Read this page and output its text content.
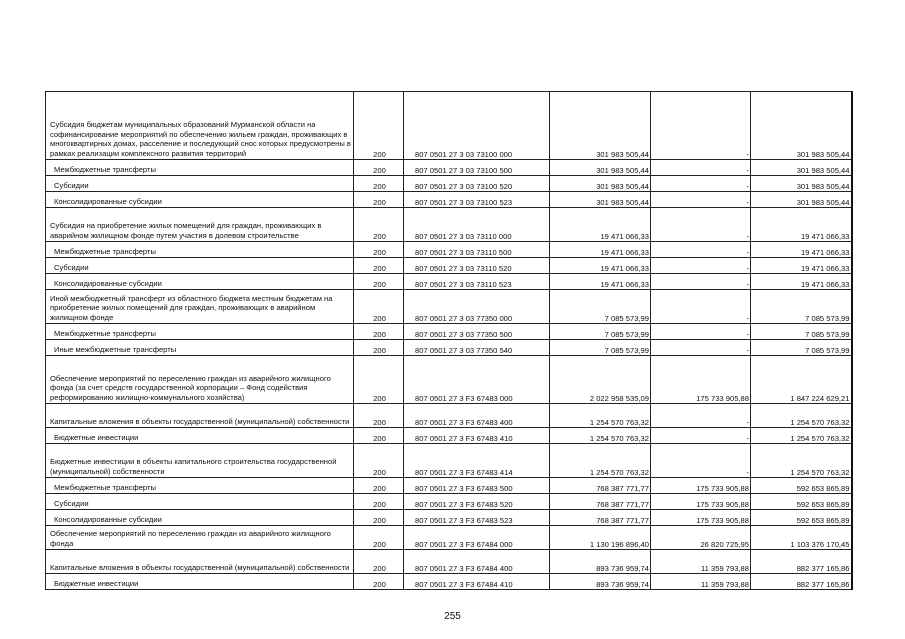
Субсидия бюджетам муниципальных образований Мурманской области на софинансирование мероприятий по обеспечению жильем граждан, проживающих в многоквартирных домах, расселение и последующий снос которых предусмотрены в рамках реализации комплексного развития территорий	200	807 0501 27 3 03 73100 000	301 983 505,44	-	301 983 505,44
Межбюджетные трансферты	200	807 0501 27 3 03 73100 500	301 983 505,44	-	301 983 505,44
Субсидии	200	807 0501 27 3 03 73100 520	301 983 505,44	-	301 983 505,44
Консолидированные субсидии	200	807 0501 27 3 03 73100 523	301 983 505,44	-	301 983 505,44
Субсидия на приобретение жилых помещений для граждан, проживающих в аварийном жилищном фонде путем участия в долевом строительстве	200	807 0501 27 3 03 73110 000	19 471 066,33	-	19 471 066,33
Межбюджетные трансферты	200	807 0501 27 3 03 73110 500	19 471 066,33	-	19 471 066,33
Субсидии	200	807 0501 27 3 03 73110 520	19 471 066,33	-	19 471 066,33
Консолидированные субсидии	200	807 0501 27 3 03 73110 523	19 471 066,33	-	19 471 066,33
Иной межбюджетный трансферт из областного бюджета местным бюджетам на приобретение жилых помещений для граждан, проживающих в аварийном жилищном фонде	200	807 0501 27 3 03 77350 000	7 085 573,99	-	7 085 573,99
Межбюджетные трансферты	200	807 0501 27 3 03 77350 500	7 085 573,99	-	7 085 573,99
Иные межбюджетные трансферты	200	807 0501 27 3 03 77350 540	7 085 573,99	-	7 085 573,99
Обеспечение мероприятий по переселению граждан из аварийного жилищного фонда (за счет средств государственной корпорации – Фонд содействия реформированию жилищно-коммунального хозяйства)	200	807 0501 27 3 F3 67483 000	2 022 958 535,09	175 733 905,88	1 847 224 629,21
Капитальные вложения в объекты государственной (муниципальной) собственности	200	807 0501 27 3 F3 67483 400	1 254 570 763,32	-	1 254 570 763,32
Бюджетные инвестиции	200	807 0501 27 3 F3 67483 410	1 254 570 763,32	-	1 254 570 763,32
Бюджетные инвестиции в объекты капитального строительства государственной (муниципальной) собственности	200	807 0501 27 3 F3 67483 414	1 254 570 763,32	-	1 254 570 763,32
Межбюджетные трансферты	200	807 0501 27 3 F3 67483 500	768 387 771,77	175 733 905,88	592 653 865,89
Субсидии	200	807 0501 27 3 F3 67483 520	768 387 771,77	175 733 905,88	592 653 865,89
Консолидированные субсидии	200	807 0501 27 3 F3 67483 523	768 387 771,77	175 733 905,88	592 653 865,89
Обеспечение мероприятий по переселению граждан из аварийного жилищного фонда	200	807 0501 27 3 F3 67484 000	1 130 196 896,40	26 820 725,95	1 103 376 170,45
Капитальные вложения в объекты государственной (муниципальной) собственности	200	807 0501 27 3 F3 67484 400	893 736 959,74	11 359 793,88	882 377 165,86
Бюджетные инвестиции	200	807 0501 27 3 F3 67484 410	893 736 959,74	11 359 793,88	882 377 165,86
255
